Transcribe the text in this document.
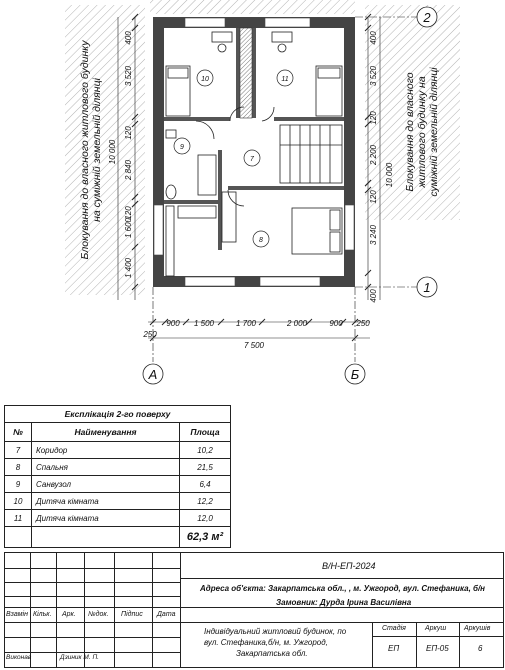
Блокування до власного житлового будинку на суміжній земельній ділянці	Блокування до власного житлового будинку на суміжній земельній ділянці
7
8
9
10	11
400
3 520
120
2 840
120
1 600
1 400
10 000
400
3 520
120
2 200
120
3 240
400
10 000
250
900 1 500	1 700	2 000	900 250
7 500
2
1
А	Б
Експлікація 2-го поверху		
№	Найменування	Площа
7	Коридор	10,2
8	Спальня	21,5
9	Санвузол	6,4
10	Дитяча кімната	12,2
11	Дитяча кімната	12,0
		62,3 м²
В/Н-ЕП-2024
Адреса об'єкта: Закарпатська обл., , м. Ужгород, вул. Стефаника, б/н
Замовник: Дурда Ірина Василівна
Взамін Кільк. Арк. №док. Підпис Дата
Виконав	Дзиник М. П.
Індивідуальний житловий будинок, по
вул. Стефаника,б/н, м. Ужгород,
Закарпатська обл.
Стадія	Аркуш	Аркушів
ЕП	ЕП-05	6
